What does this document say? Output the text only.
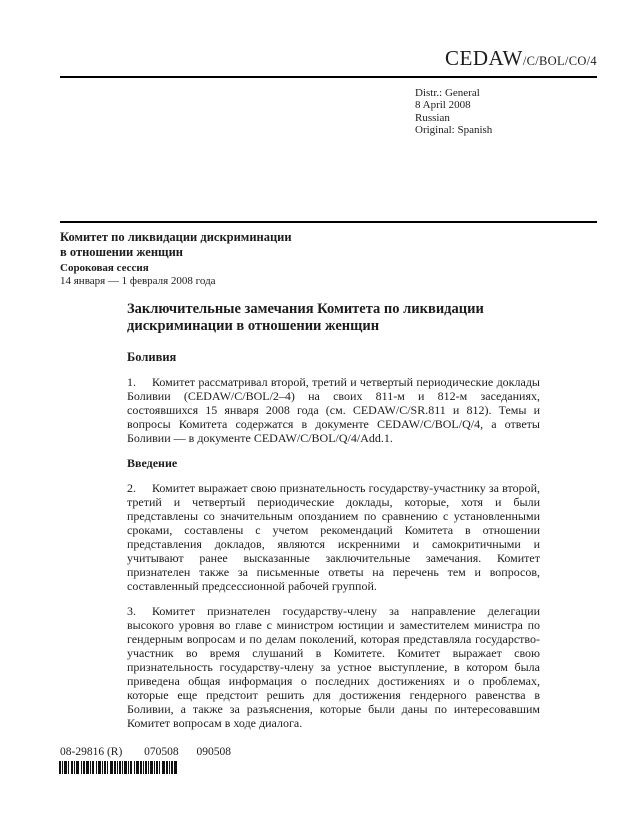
CEDAW/C/BOL/CO/4
Distr.: General
8 April 2008
Russian
Original: Spanish
Комитет по ликвидации дискриминации
в отношении женщин
Сороковая сессия
14 января — 1 февраля 2008 года
Заключительные замечания Комитета по ликвидации дискриминации в отношении женщин
Боливия
1. Комитет рассматривал второй, третий и четвертый периодические доклады Боливии (CEDAW/C/BOL/2–4) на своих 811-м и 812-м заседаниях, состоявшихся 15 января 2008 года (см. CEDAW/C/SR.811 и 812). Темы и вопросы Комитета содержатся в документе CEDAW/C/BOL/Q/4, а ответы Боливии — в документе CEDAW/C/BOL/Q/4/Add.1.
Введение
2. Комитет выражает свою признательность государству-участнику за второй, третий и четвертый периодические доклады, которые, хотя и были представлены со значительным опозданием по сравнению с установленными сроками, составлены с учетом рекомендаций Комитета в отношении представления докладов, являются искренними и самокритичными и учитывают ранее высказанные заключительные замечания. Комитет признателен также за письменные ответы на перечень тем и вопросов, составленный предсессионной рабочей группой.
3. Комитет признателен государству-члену за направление делегации высокого уровня во главе с министром юстиции и заместителем министра по гендерным вопросам и по делам поколений, которая представляла государство-участник во время слушаний в Комитете. Комитет выражает свою признательность государству-члену за устное выступление, в котором была приведена общая информация о последних достижениях и о проблемах, которые еще предстоит решить для достижения гендерного равенства в Боливии, а также за разъяснения, которые были даны по интересовавшим Комитет вопросам в ходе диалога.
08-29816 (R) 070508 090508
